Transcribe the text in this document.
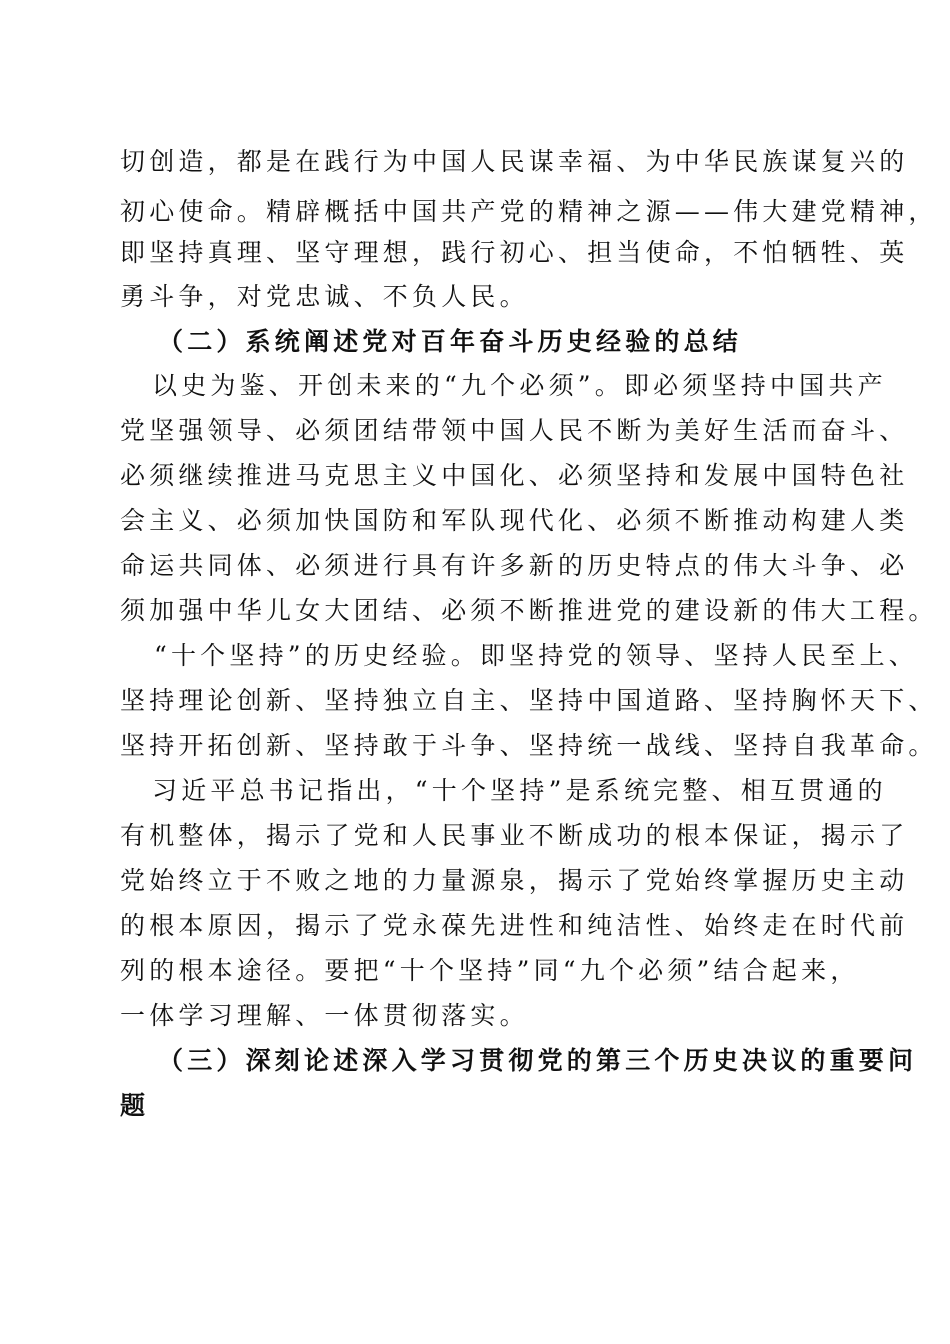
切创造，都是在践行为中国人民谋幸福、为中华民族谋复兴的
初心使命。精辟概括中国共产党的精神之源——伟大建党精神，
即坚持真理、坚守理想，践行初心、担当使命，不怕牺牲、英
勇斗争，对党忠诚、不负人民。
（二）系统阐述党对百年奋斗历史经验的总结
以史为鉴、开创未来的“九个必须”。即必须坚持中国共产
党坚强领导、必须团结带领中国人民不断为美好生活而奋斗、
必须继续推进马克思主义中国化、必须坚持和发展中国特色社
会主义、必须加快国防和军队现代化、必须不断推动构建人类
命运共同体、必须进行具有许多新的历史特点的伟大斗争、必
须加强中华儿女大团结、必须不断推进党的建设新的伟大工程。
“十个坚持”的历史经验。即坚持党的领导、坚持人民至上、
坚持理论创新、坚持独立自主、坚持中国道路、坚持胸怀天下、
坚持开拓创新、坚持敢于斗争、坚持统一战线、坚持自我革命。
习近平总书记指出，“十个坚持”是系统完整、相互贯通的
有机整体，揭示了党和人民事业不断成功的根本保证，揭示了
党始终立于不败之地的力量源泉，揭示了党始终掌握历史主动
的根本原因，揭示了党永葆先进性和纯洁性、始终走在时代前
列的根本途径。要把“十个坚持”同“九个必须”结合起来，
一体学习理解、一体贯彻落实。
（三）深刻论述深入学习贯彻党的第三个历史决议的重要问
题
